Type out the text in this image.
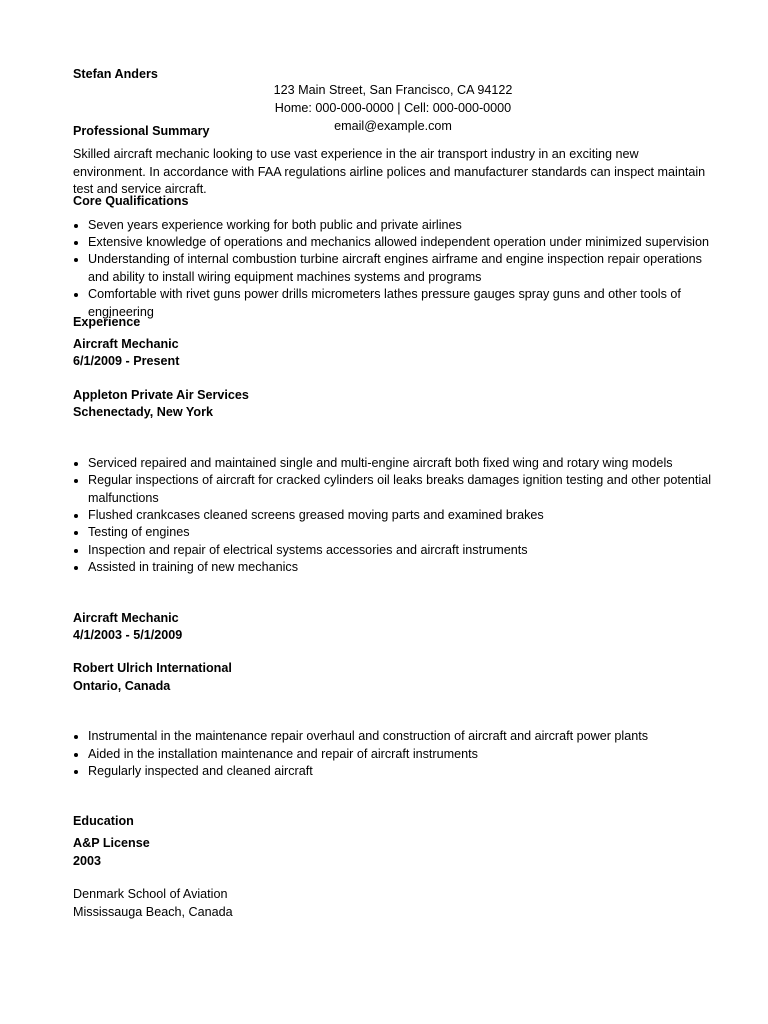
Stefan Anders
123 Main Street, San Francisco, CA 94122
Home: 000-000-0000 | Cell: 000-000-0000
email@example.com
Professional Summary

Skilled aircraft mechanic looking to use vast experience in the air transport industry in an exciting new environment. In accordance with FAA regulations airline polices and manufacturer standards can inspect maintain test and service aircraft.

Core Qualifications
Seven years experience working for both public and private airlines
Extensive knowledge of operations and mechanics allowed independent operation under minimized supervision
Understanding of internal combustion turbine aircraft engines airframe and engine inspection repair operations and ability to install wiring equipment machines systems and programs
Comfortable with rivet guns power drills micrometers lathes pressure gauges spray guns and other tools of engineering
Experience
Aircraft Mechanic
6/1/2009 - Present
Appleton Private Air Services
Schenectady, New York
Serviced repaired and maintained single and multi-engine aircraft both fixed wing and rotary wing models
Regular inspections of aircraft for cracked cylinders oil leaks breaks damages ignition testing and other potential malfunctions
Flushed crankcases cleaned screens greased moving parts and examined brakes
Testing of engines
Inspection and repair of electrical systems accessories and aircraft instruments
Assisted in training of new mechanics
Aircraft Mechanic
4/1/2003 - 5/1/2009
Robert Ulrich International
Ontario, Canada
Instrumental in the maintenance repair overhaul and construction of aircraft and aircraft power plants
Aided in the installation maintenance and repair of aircraft instruments
Regularly inspected and cleaned aircraft
Education
A&P License
2003
Denmark School of Aviation
Mississauga Beach, Canada
